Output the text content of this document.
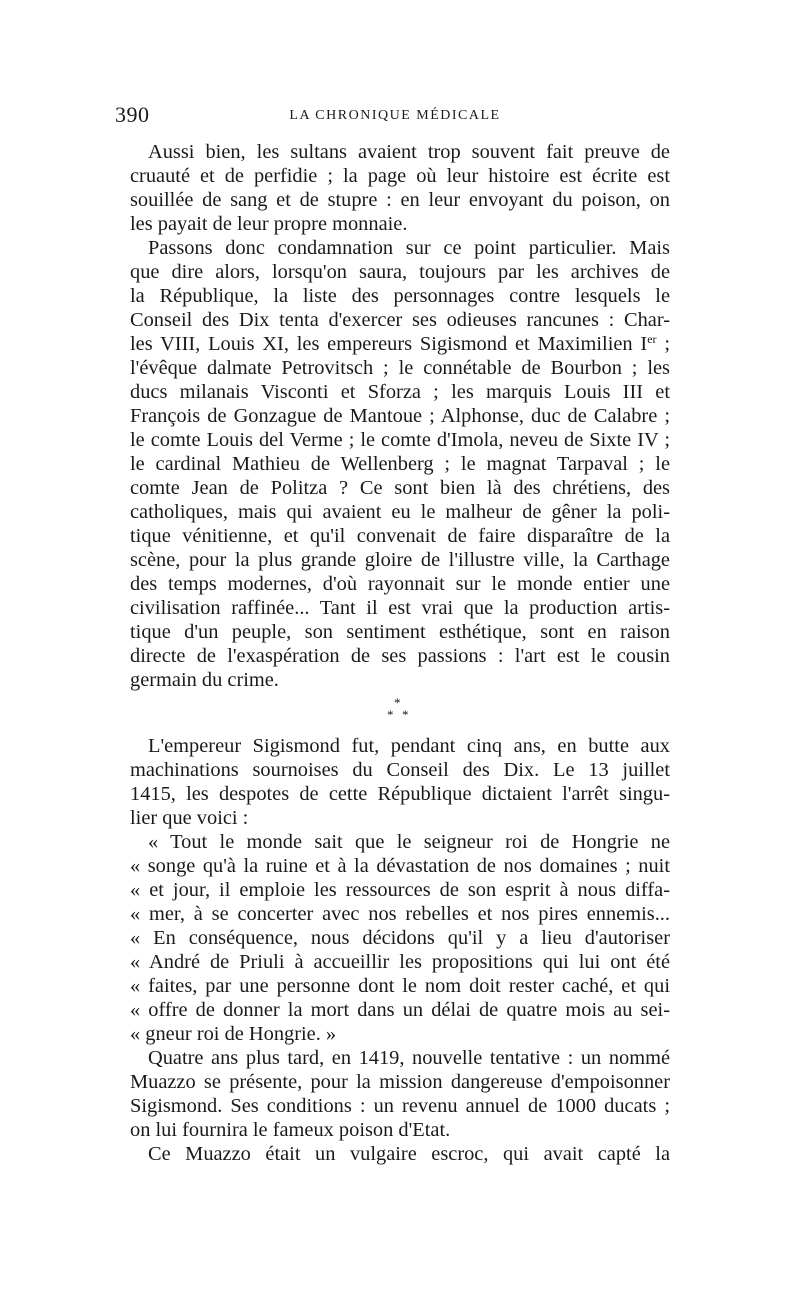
390	LA CHRONIQUE MÉDICALE
Aussi bien, les sultans avaient trop souvent fait preuve de
cruauté et de perfidie ; la page où leur histoire est écrite est
souillée de sang et de stupre : en leur envoyant du poison, on
les payait de leur propre monnaie.
Passons donc condamnation sur ce point particulier. Mais
que dire alors, lorsqu'on saura, toujours par les archives de
la République, la liste des personnages contre lesquels le
Conseil des Dix tenta d'exercer ses odieuses rancunes : Char-
les VIII, Louis XI, les empereurs Sigismond et Maximilien Ier ;
l'évêque dalmate Petrovitsch ; le connétable de Bourbon ; les
ducs milanais Visconti et Sforza ; les marquis Louis III et
François de Gonzague de Mantoue ; Alphonse, duc de Calabre ;
le comte Louis del Verme ; le comte d'Imola, neveu de Sixte IV ;
le cardinal Mathieu de Wellenberg ; le magnat Tarpaval ; le
comte Jean de Politza ? Ce sont bien là des chrétiens, des
catholiques, mais qui avaient eu le malheur de gêner la poli-
tique vénitienne, et qu'il convenait de faire disparaître de la
scène, pour la plus grande gloire de l'illustre ville, la Carthage
des temps modernes, d'où rayonnait sur le monde entier une
civilisation raffinée... Tant il est vrai que la production artis-
tique d'un peuple, son sentiment esthétique, sont en raison
directe de l'exaspération de ses passions : l'art est le cousin
germain du crime.
*
* *
L'empereur Sigismond fut, pendant cinq ans, en butte aux
machinations sournoises du Conseil des Dix. Le 13 juillet
1415, les despotes de cette République dictaient l'arrêt singu-
lier que voici :
« Tout le monde sait que le seigneur roi de Hongrie ne
« songe qu'à la ruine et à la dévastation de nos domaines ; nuit
« et jour, il emploie les ressources de son esprit à nous diffa-
« mer, à se concerter avec nos rebelles et nos pires ennemis...
« En conséquence, nous décidons qu'il y a lieu d'autoriser
« André de Priuli à accueillir les propositions qui lui ont été
« faites, par une personne dont le nom doit rester caché, et qui
« offre de donner la mort dans un délai de quatre mois au sei-
« gneur roi de Hongrie. »
Quatre ans plus tard, en 1419, nouvelle tentative : un nommé
Muazzo se présente, pour la mission dangereuse d'empoisonner
Sigismond. Ses conditions : un revenu annuel de 1000 ducats ;
on lui fournira le fameux poison d'Etat.
Ce Muazzo était un vulgaire escroc, qui avait capté la
